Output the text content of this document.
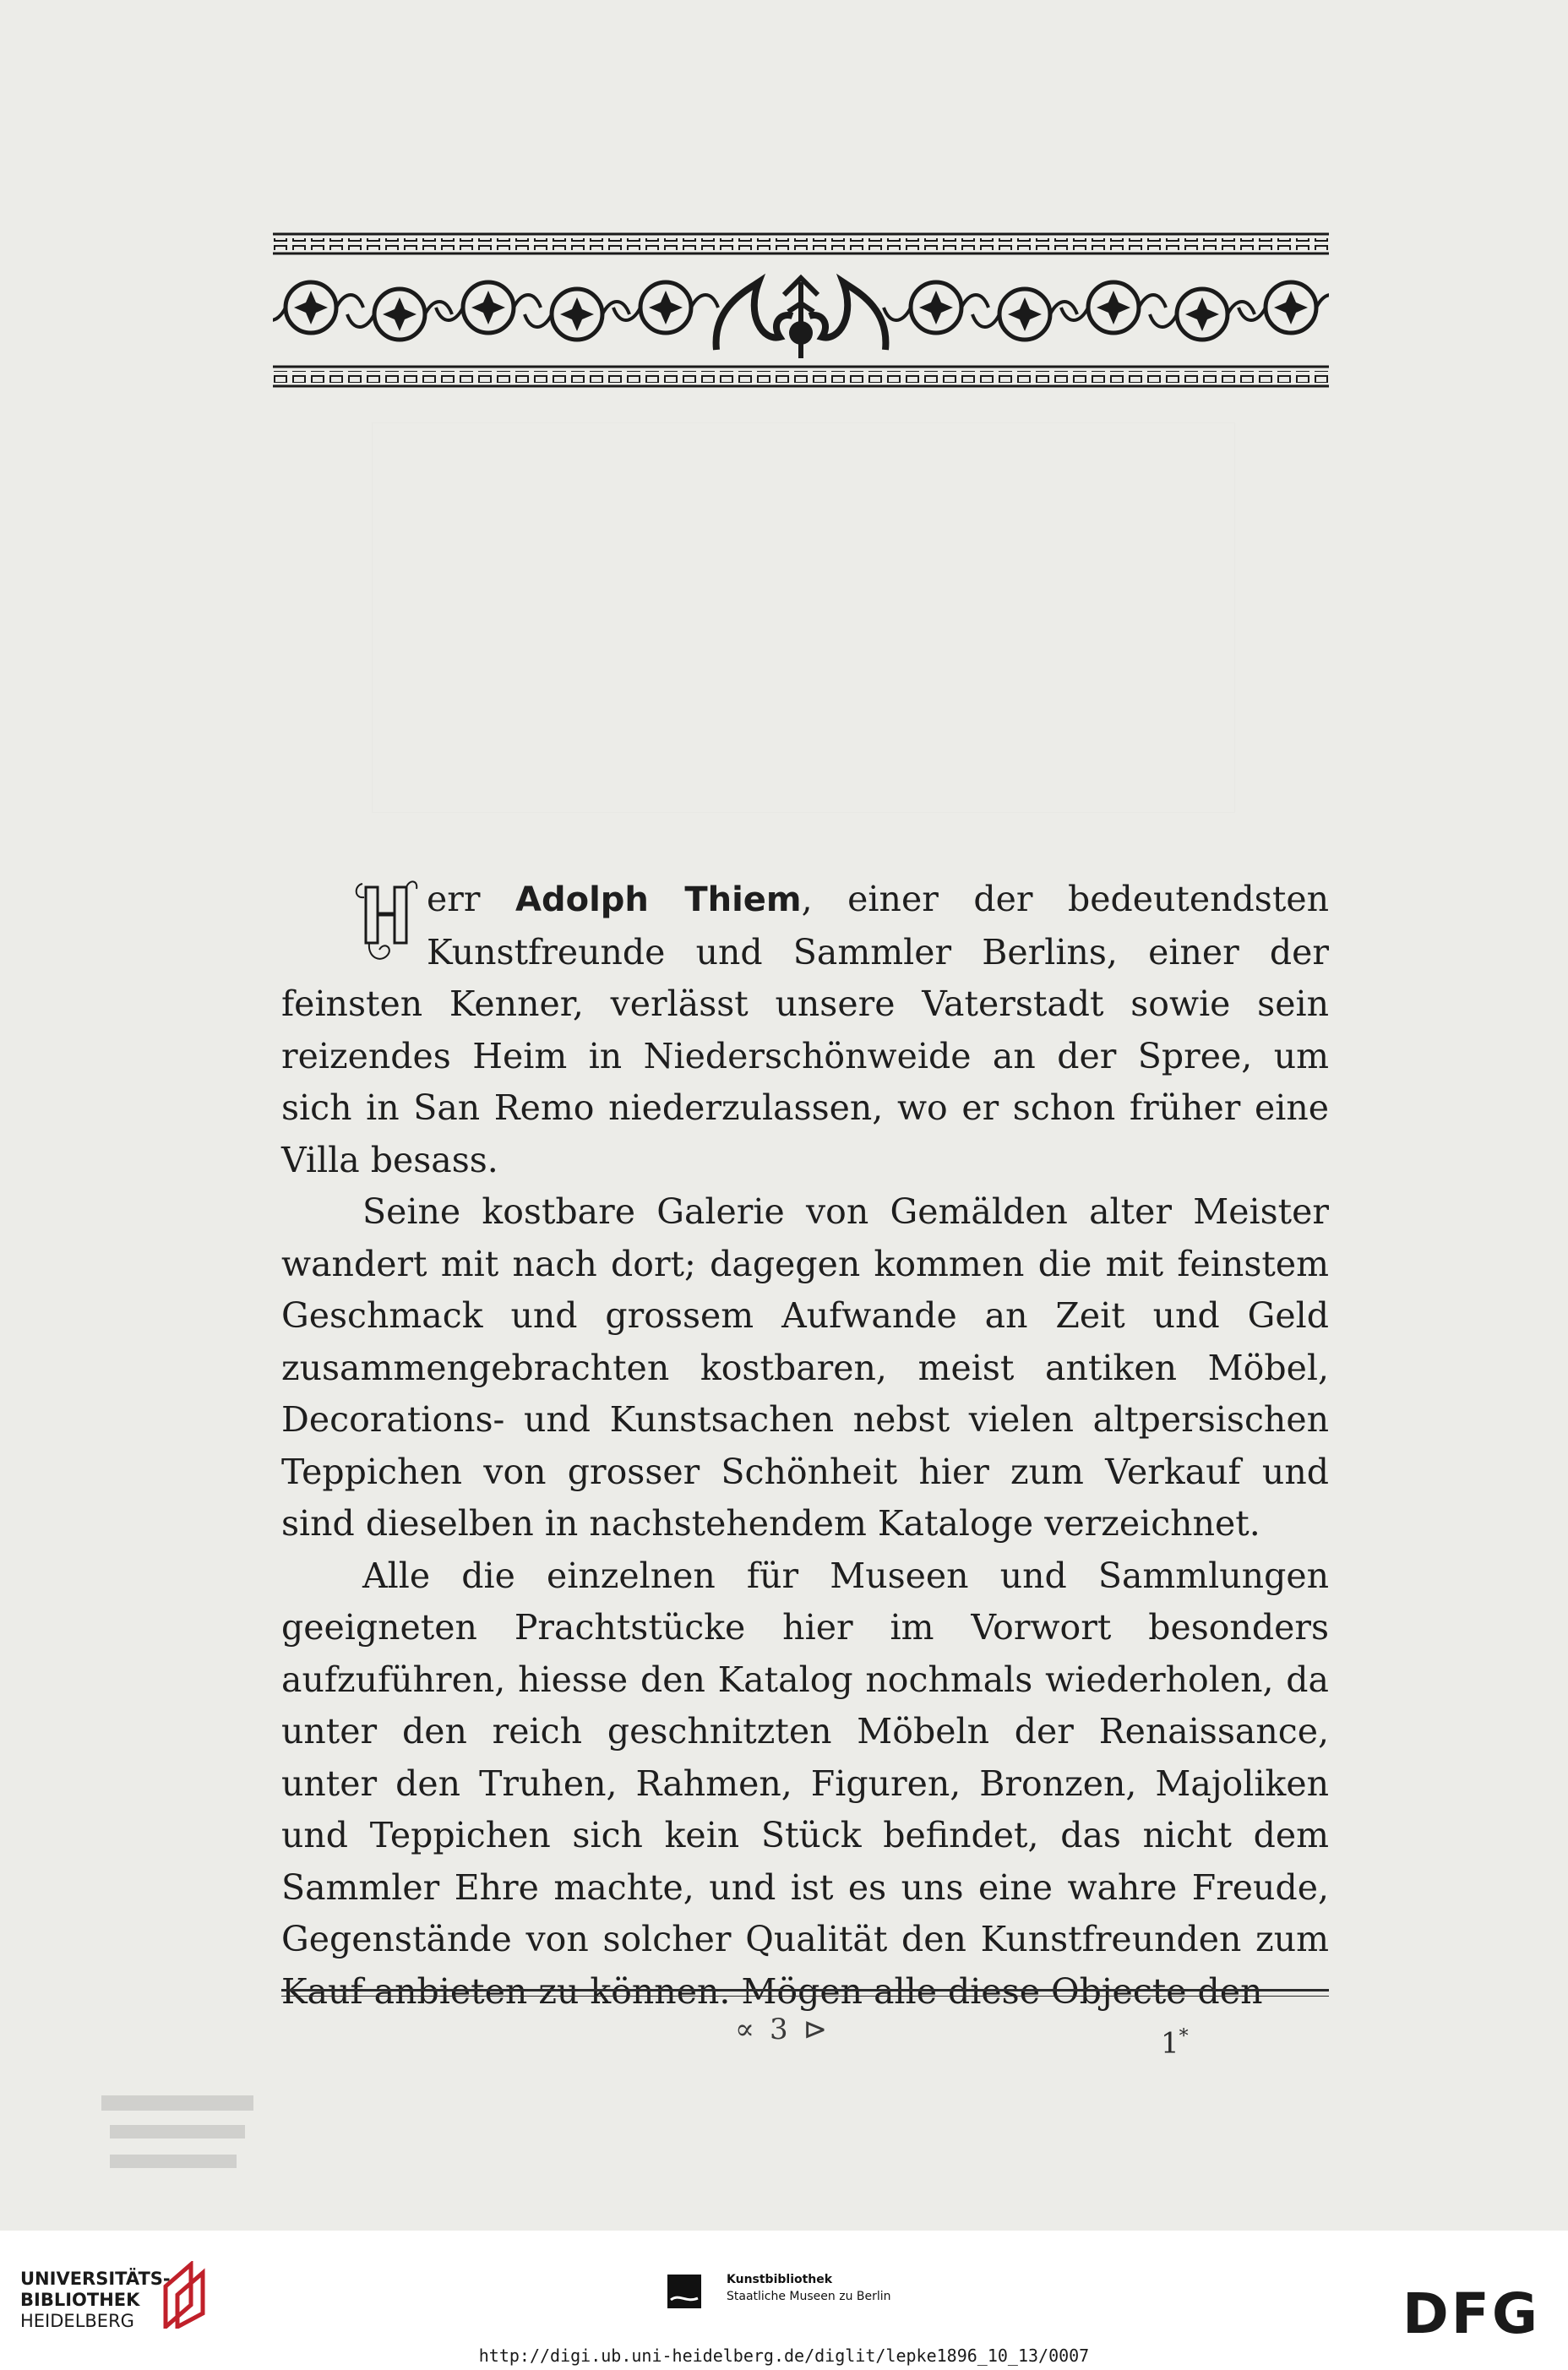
err Adolph Thiem, einer der bedeutendsten Kunstfreunde und Sammler Berlins, einer der feinsten Kenner, verlässt unsere Vaterstadt sowie sein reizendes Heim in Niederschönweide an der Spree, um sich in San Remo niederzulassen, wo er schon früher eine Villa besass.

Seine kostbare Galerie von Gemälden alter Meister wandert mit nach dort; dagegen kommen die mit feinstem Geschmack und grossem Aufwande an Zeit und Geld zusammengebrachten kostbaren, meist antiken Möbel, Decorations- und Kunstsachen nebst vielen altpersischen Teppichen von grosser Schönheit hier zum Verkauf und sind dieselben in nachstehendem Kataloge verzeichnet.

Alle die einzelnen für Museen und Sammlungen geeigneten Prachtstücke hier im Vorwort besonders aufzuführen, hiesse den Katalog nochmals wiederholen, da unter den reich geschnitzten Möbeln der Renaissance, unter den Truhen, Rahmen, Figuren, Bronzen, Majoliken und Teppichen sich kein Stück befindet, das nicht dem Sammler Ehre machte, und ist es uns eine wahre Freude, Gegenstände von solcher Qualität den Kunstfreunden zum

∝3⊳	1*
UNIVERSITÄTS-
BIBLIOTHEK
HEIDELBERG
Kunstbibliothek
Staatliche Museen zu Berlin	DFG
http://digi.ub.uni-heidelberg.de/diglit/lepke1896_10_13/0007
